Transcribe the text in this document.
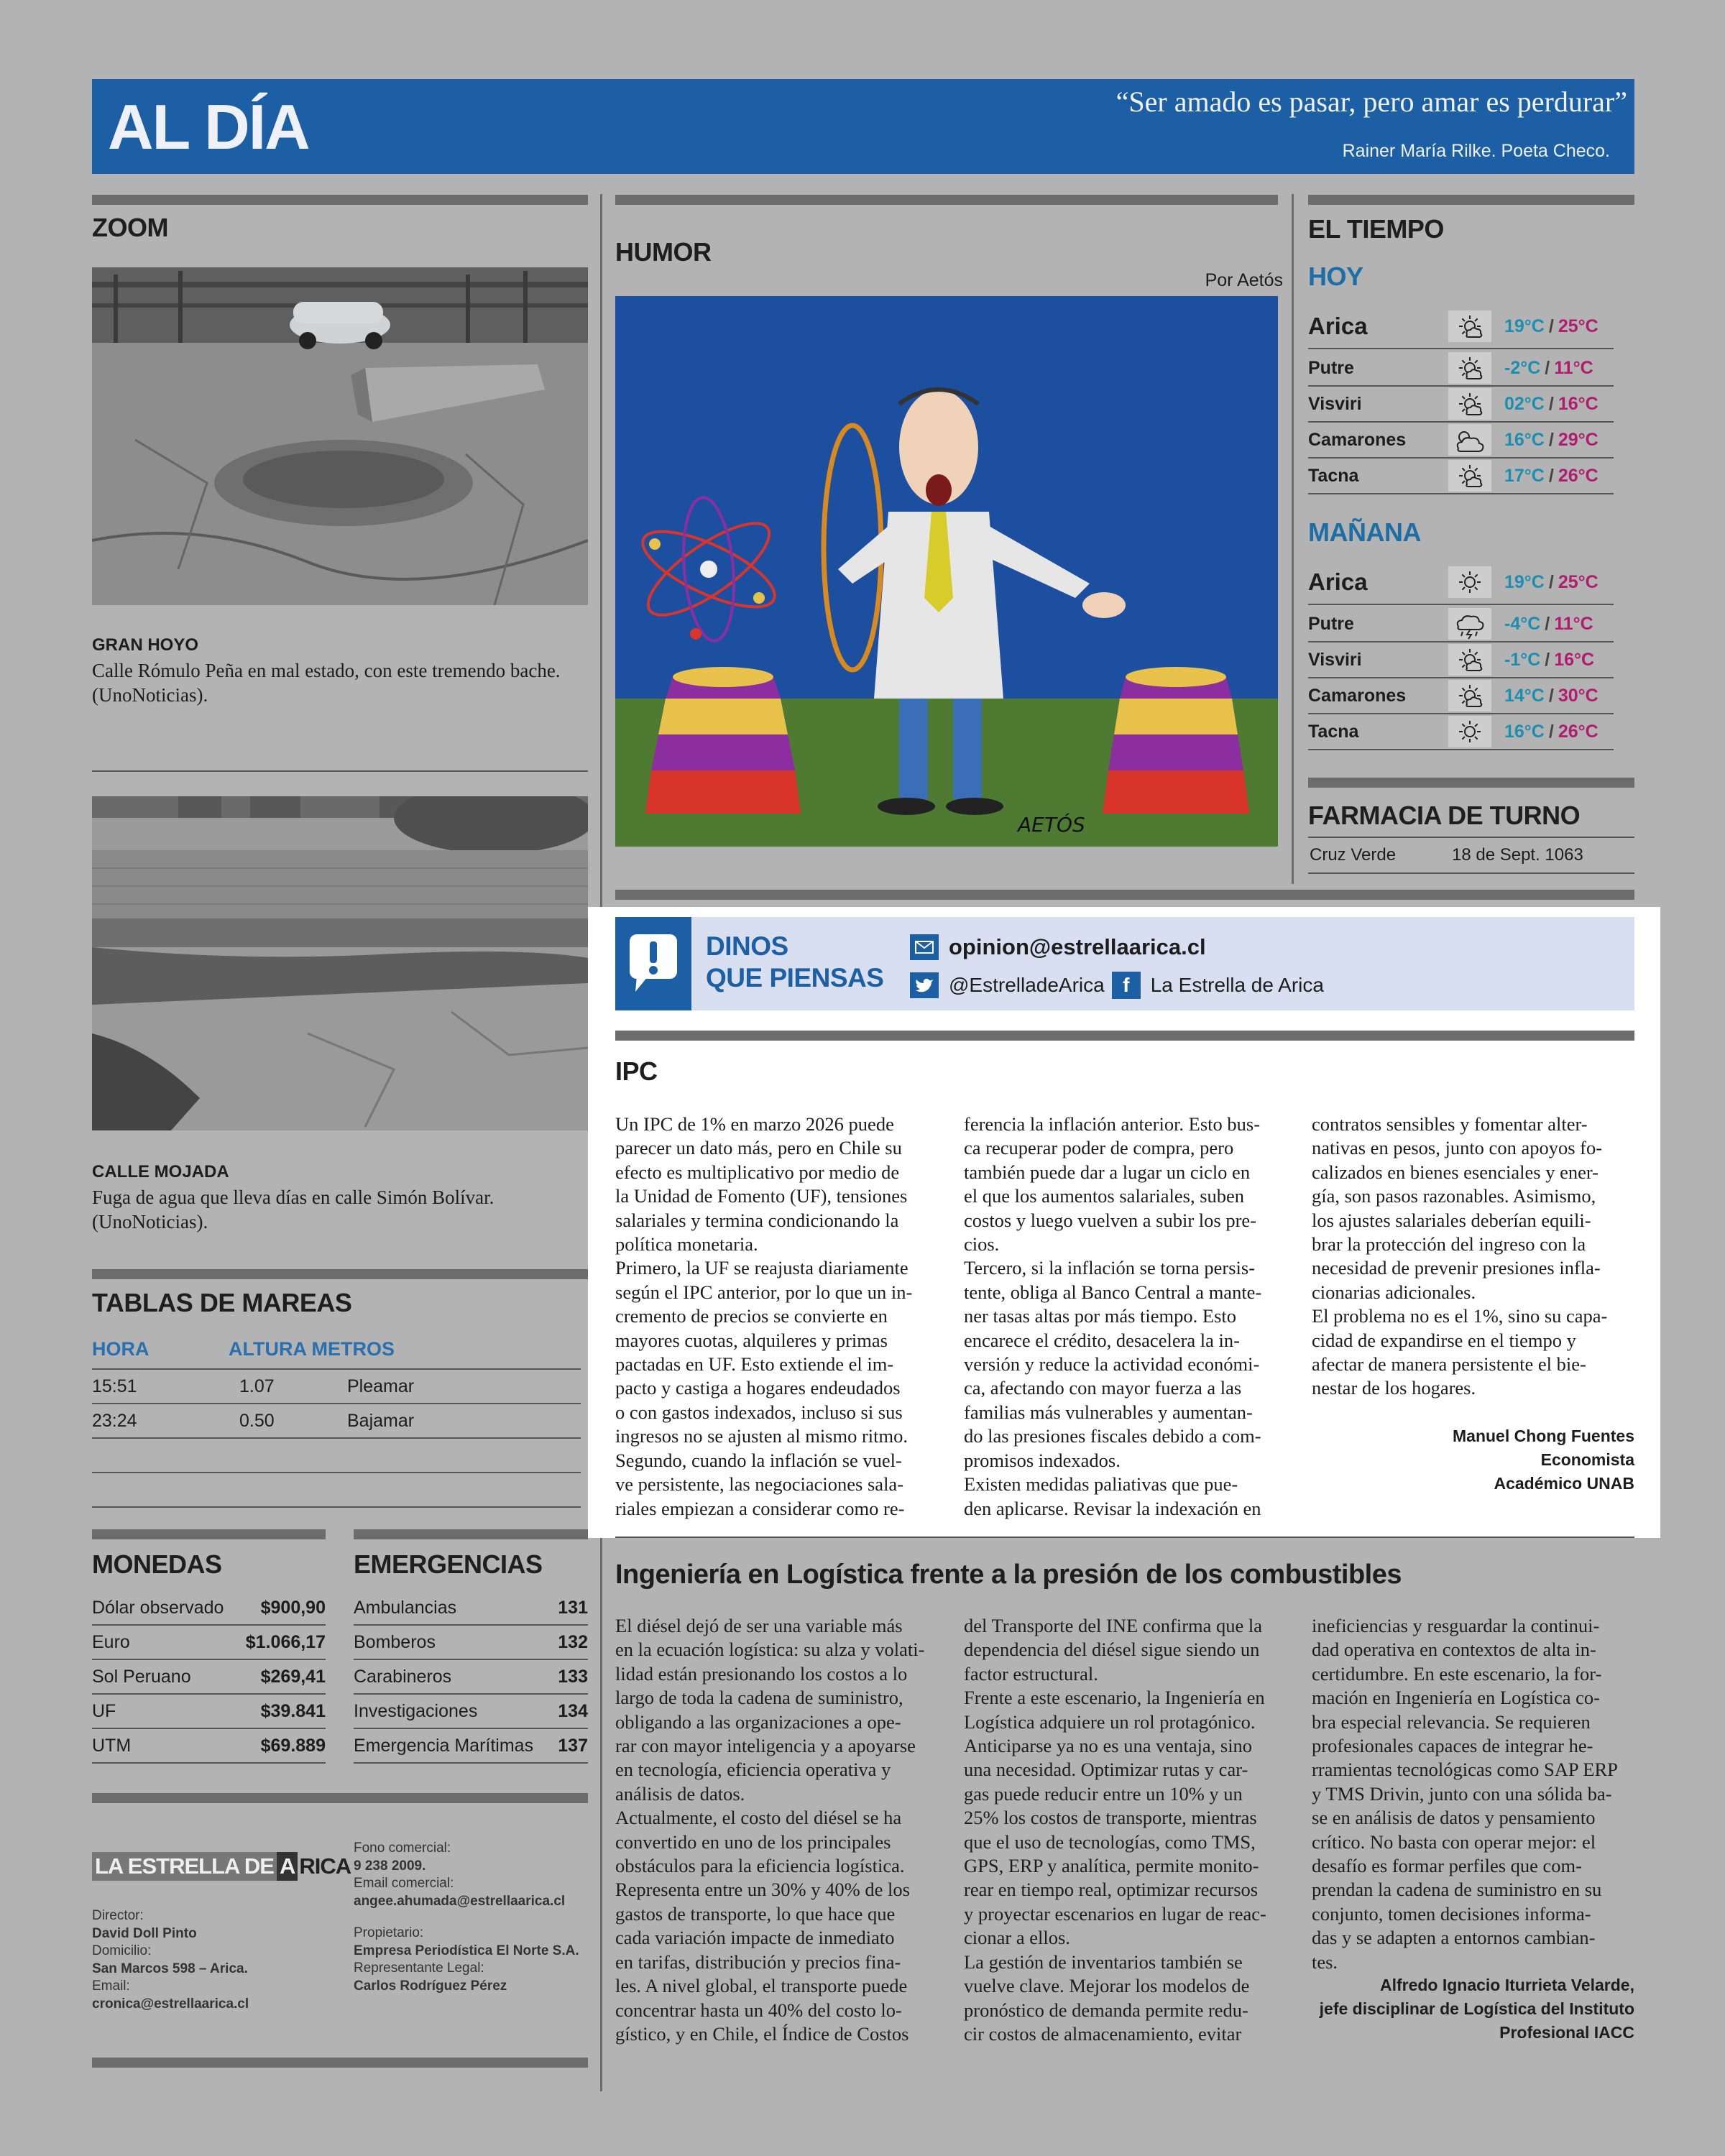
AL DÍA	“Ser amado es pasar, pero amar es perdurar”
Rainer María Rilke. Poeta Checo.
ZOOM
GRAN HOYO
Calle Rómulo Peña en mal estado, con este tremendo bache. (UnoNoticias).
CALLE MOJADA
Fuga de agua que lleva días en calle Simón Bolívar. (UnoNoticias).
TABLAS DE MAREAS
HORA	ALTURA METROS
15:51	1.07	Pleamar
23:24	0.50	Bajamar
MONEDAS
Dólar observado $900,90
Euro	$1.066,17
Sol Peruano	$269,41
UF	$39.841
UTM	$69.889
EMERGENCIAS
Ambulancias	131
Bomberos	132
Carabineros	133
Investigaciones	134
Emergencia Marítimas 137
LA ESTRELLA DE A RICA
Director:
David Doll Pinto
Domicilio:
San Marcos 598 – Arica.
Email:
cronica@estrellaarica.cl
Fono comercial:
9 238 2009.
Email comercial:
angee.ahumada@estrellaarica.cl
Propietario:
Empresa Periodística El Norte S.A.
Representante Legal:
Carlos Rodríguez Pérez
HUMOR
Por Aetós
AETÓS
EL TIEMPO
HOY
Arica	19°C / 25°C
Putre	-2°C / 11°C
Visviri	02°C / 16°C
Camarones	16°C / 29°C
Tacna	17°C / 26°C
MAÑANA
Arica	19°C / 25°C
Putre	-4°C / 11°C
Visviri	-1°C / 16°C
Camarones	14°C / 30°C
Tacna	16°C / 26°C
FARMACIA DE TURNO
Cruz Verde	18 de Sept. 1063
DINOS
QUE PIENSAS
opinion@estrellaarica.cl
@EstrelladeArica f	La Estrella de Arica
IPC
Un IPC de 1% en marzo 2026 puede
parecer un dato más, pero en Chile su
efecto es multiplicativo por medio de
la Unidad de Fomento (UF), tensiones
salariales y termina condicionando la
política monetaria.
Primero, la UF se reajusta diariamente
según el IPC anterior, por lo que un in-
cremento de precios se convierte en
mayores cuotas, alquileres y primas
pactadas en UF. Esto extiende el im-
pacto y castiga a hogares endeudados
o con gastos indexados, incluso si sus
ingresos no se ajusten al mismo ritmo.
Segundo, cuando la inflación se vuel-
ve persistente, las negociaciones sala-
riales empiezan a considerar como re-
ferencia la inflación anterior. Esto bus-
ca recuperar poder de compra, pero
también puede dar a lugar un ciclo en
el que los aumentos salariales, suben
costos y luego vuelven a subir los pre-
cios.
Tercero, si la inflación se torna persis-
tente, obliga al Banco Central a mante-
ner tasas altas por más tiempo. Esto
encarece el crédito, desacelera la in-
versión y reduce la actividad económi-
ca, afectando con mayor fuerza a las
familias más vulnerables y aumentan-
do las presiones fiscales debido a com-
promisos indexados.
Existen medidas paliativas que pue-
den aplicarse. Revisar la indexación en
contratos sensibles y fomentar alter-
nativas en pesos, junto con apoyos fo-
calizados en bienes esenciales y ener-
gía, son pasos razonables. Asimismo,
los ajustes salariales deberían equili-
brar la protección del ingreso con la
necesidad de prevenir presiones infla-
cionarias adicionales.
El problema no es el 1%, sino su capa-
cidad de expandirse en el tiempo y
afectar de manera persistente el bie-
nestar de los hogares.
Manuel Chong Fuentes
Economista
Académico UNAB
Ingeniería en Logística frente a la presión de los combustibles
El diésel dejó de ser una variable más
en la ecuación logística: su alza y volati-
lidad están presionando los costos a lo
largo de toda la cadena de suministro,
obligando a las organizaciones a ope-
rar con mayor inteligencia y a apoyarse
en tecnología, eficiencia operativa y
análisis de datos.
Actualmente, el costo del diésel se ha
convertido en uno de los principales
obstáculos para la eficiencia logística.
Representa entre un 30% y 40% de los
gastos de transporte, lo que hace que
cada variación impacte de inmediato
en tarifas, distribución y precios fina-
les. A nivel global, el transporte puede
concentrar hasta un 40% del costo lo-
gístico, y en Chile, el Índice de Costos
del Transporte del INE confirma que la
dependencia del diésel sigue siendo un
factor estructural.
Frente a este escenario, la Ingeniería en
Logística adquiere un rol protagónico.
Anticiparse ya no es una ventaja, sino
una necesidad. Optimizar rutas y car-
gas puede reducir entre un 10% y un
25% los costos de transporte, mientras
que el uso de tecnologías, como TMS,
GPS, ERP y analítica, permite monito-
rear en tiempo real, optimizar recursos
y proyectar escenarios en lugar de reac-
cionar a ellos.
La gestión de inventarios también se
vuelve clave. Mejorar los modelos de
pronóstico de demanda permite redu-
cir costos de almacenamiento, evitar
ineficiencias y resguardar la continui-
dad operativa en contextos de alta in-
certidumbre. En este escenario, la for-
mación en Ingeniería en Logística co-
bra especial relevancia. Se requieren
profesionales capaces de integrar he-
rramientas tecnológicas como SAP ERP
y TMS Drivin, junto con una sólida ba-
se en análisis de datos y pensamiento
crítico. No basta con operar mejor: el
desafío es formar perfiles que com-
prendan la cadena de suministro en su
conjunto, tomen decisiones informa-
das y se adapten a entornos cambian-
tes.
Alfredo Ignacio Iturrieta Velarde,
jefe disciplinar de Logística del Instituto
Profesional IACC
